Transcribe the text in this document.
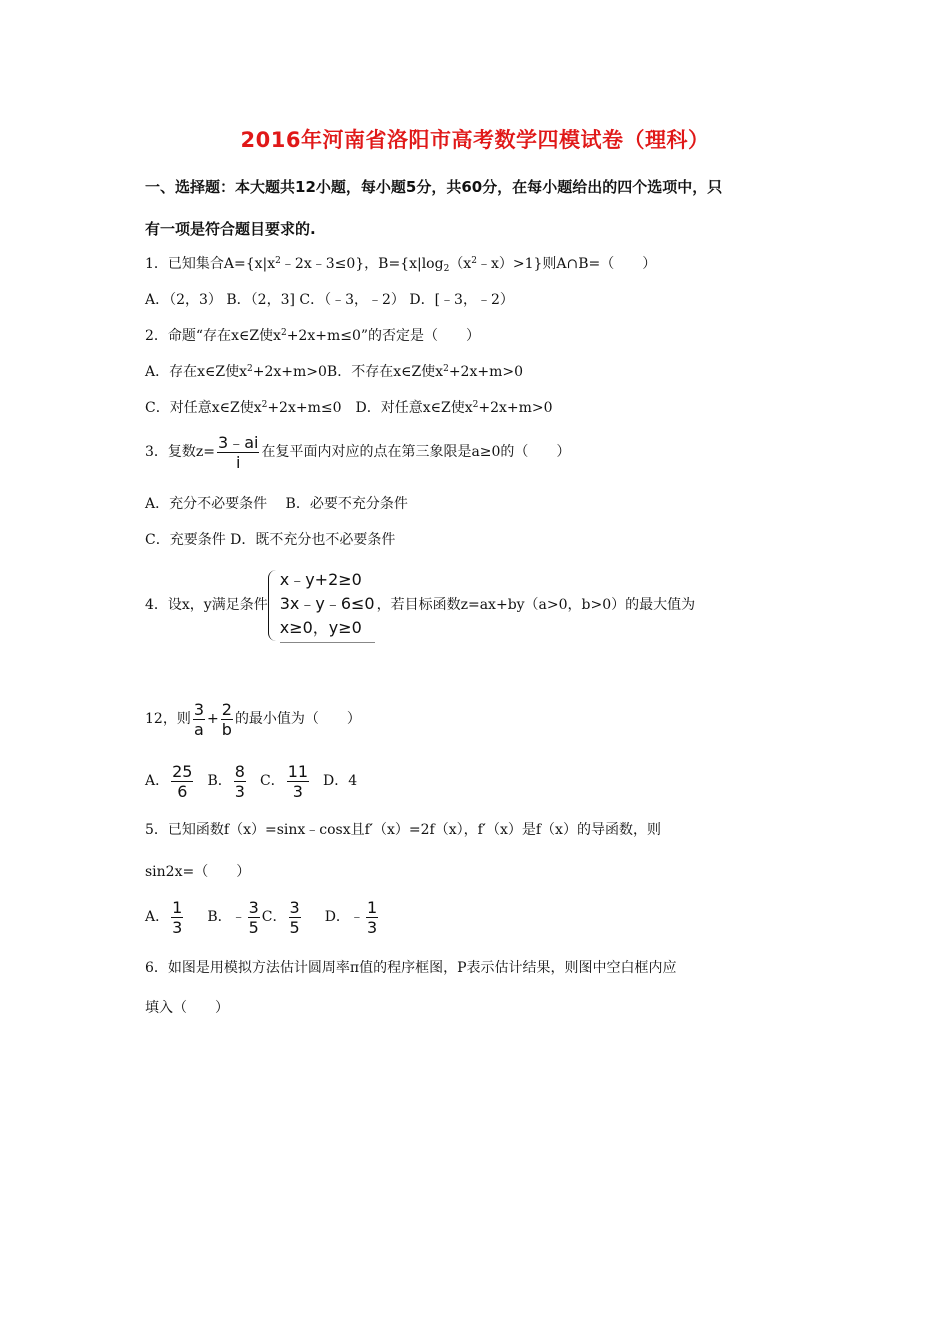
2016年河南省洛阳市高考数学四模试卷（理科）
一、选择题：本大题共12小题，每小题5分，共60分，在每小题给出的四个选项中，只
有一项是符合题目要求的.
1．已知集合$A=\{x|x^2﹣2x﹣3\le 0\}$，$B=\{x|\log_2(x^2﹣x)>1\}$则A∩B=（　　）
A．（2，3） B．（2，3] C．（﹣3，﹣2） D．[﹣3，﹣2）
2．命题“存在x∈Z使$x^2+2x+m\le 0$”的否定是（　　）
A．存在x∈Z使$x^2+2x+m>0B$．不存在x∈Z使$x^2+2x+m>0$
C．对任意x∈Z使$x^2+2x+m\le 0$　D．对任意x∈Z使$x^2+2x+m>0$
3．复数$z= \frac{3﹣ai}{i}$ 在复平面内对应的点在第三象限是a≥0的（　　）
A．充分不必要条件　 B．必要不充分条件
C．充要条件 D．既不充分也不必要条件
4．设x，y满足条件
x﹣y+2≥0
3x﹣y﹣6≤0
x≥0，y≥0
，若目标函数z=ax+by（a>0，b>0）的最大值为
12，则 $\frac{3}{a} + \frac{2}{b}$ 的最小值为（　　）
A． $\frac{25}{6}$ B． $\frac{8}{3}$ C． $\frac{11}{3}$ D．4
5．已知函数f（x）=sinx﹣cosx且f′（x）=2f（x），f′（x）是f（x）的导函数，则
sin2x=（　　）
A． $\frac{1}{3}$ B．﹣ $\frac{3}{5}$ C． $\frac{3}{5}$ D．﹣ $\frac{1}{3}$
6．如图是用模拟方法估计圆周率π值的程序框图，P表示估计结果，则图中空白框内应
填入（　　）
